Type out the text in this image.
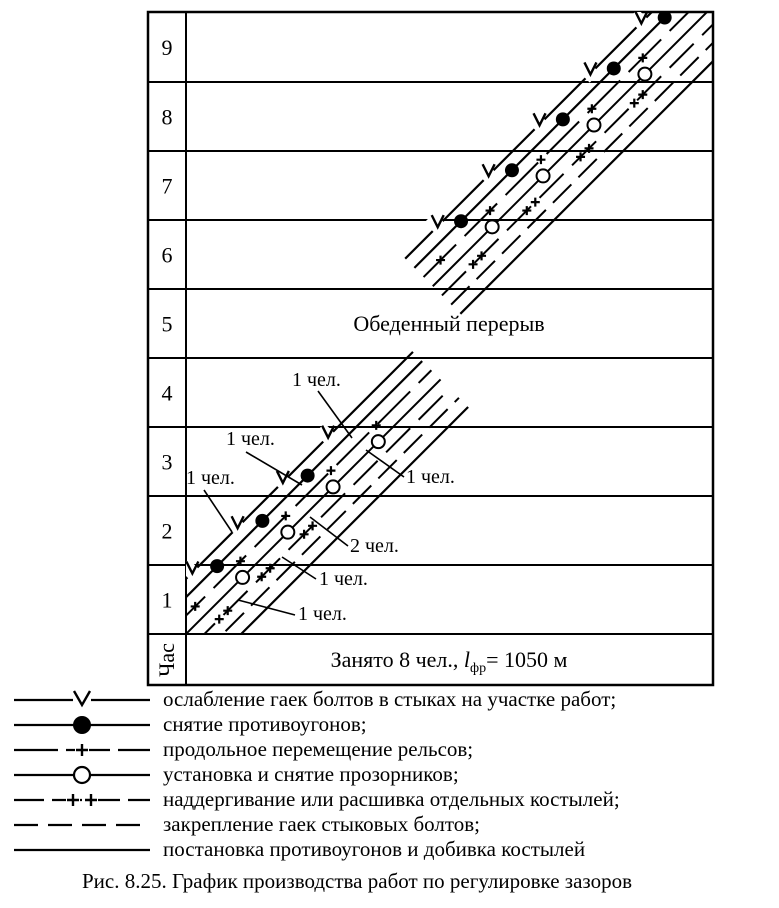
9
8
7
6
5
4
3
2
1
Час
Обеденный перерыв
Занято 8 чел., $l_{фр}= 1050$ м
1 чел.
1 чел.
1 чел.	1 чел.
2 чел.
1 чел.
1 чел.
ослабление гаек болтов в стыках на участке работ;
снятие противоугонов;
продольное перемещение рельсов;
установка и снятие прозорников;
наддергивание или расшивка отдельных костылей;
закрепление гаек стыковых болтов;
постановка противоугонов и добивка костылей
Рис. 8.25. График производства работ по регулировке зазоров
